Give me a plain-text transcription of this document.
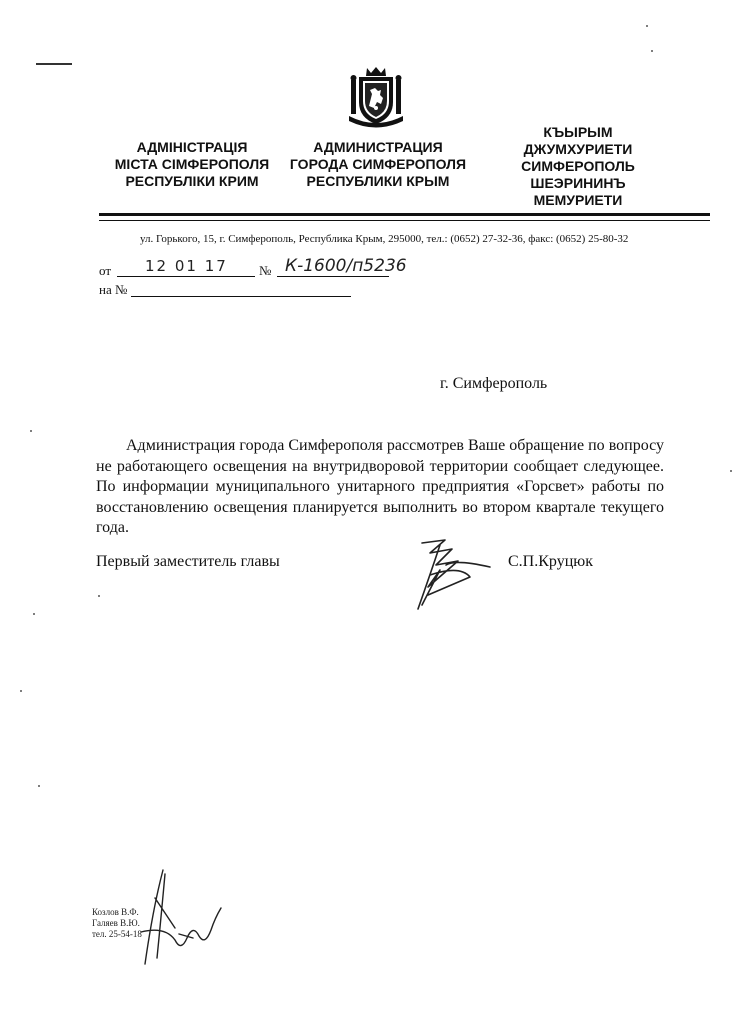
АДМІНІСТРАЦІЯ
МІСТА СІМФЕРОПОЛЯ
РЕСПУБЛІКИ КРИМ
АДМИНИСТРАЦИЯ
ГОРОДА СИМФЕРОПОЛЯ
РЕСПУБЛИКИ КРЫМ
КЪЫРЫМ
ДЖУМХУРИЕТИ
СИМФЕРОПОЛЬ
ШЕЭРИНИНЪ
МЕМУРИЕТИ
ул. Горького, 15, г. Симферополь, Республика Крым, 295000, тел.: (0652) 27-32-36, факс: (0652) 25-80-32
от 12 01 17 № К-1600/п5236
на №
г. Симферополь
Администрация города Симферополя рассмотрев Ваше обращение по вопросу не работающего освещения на внутридворовой территории сообщает следующее. По информации муниципального унитарного предприятия «Горсвет» работы по восстановлению освещения планируется выполнить во втором квартале текущего года.
Первый заместитель главы	С.П.Круцюк
Козлов В.Ф.
Галяев В.Ю.
тел. 25-54-18
